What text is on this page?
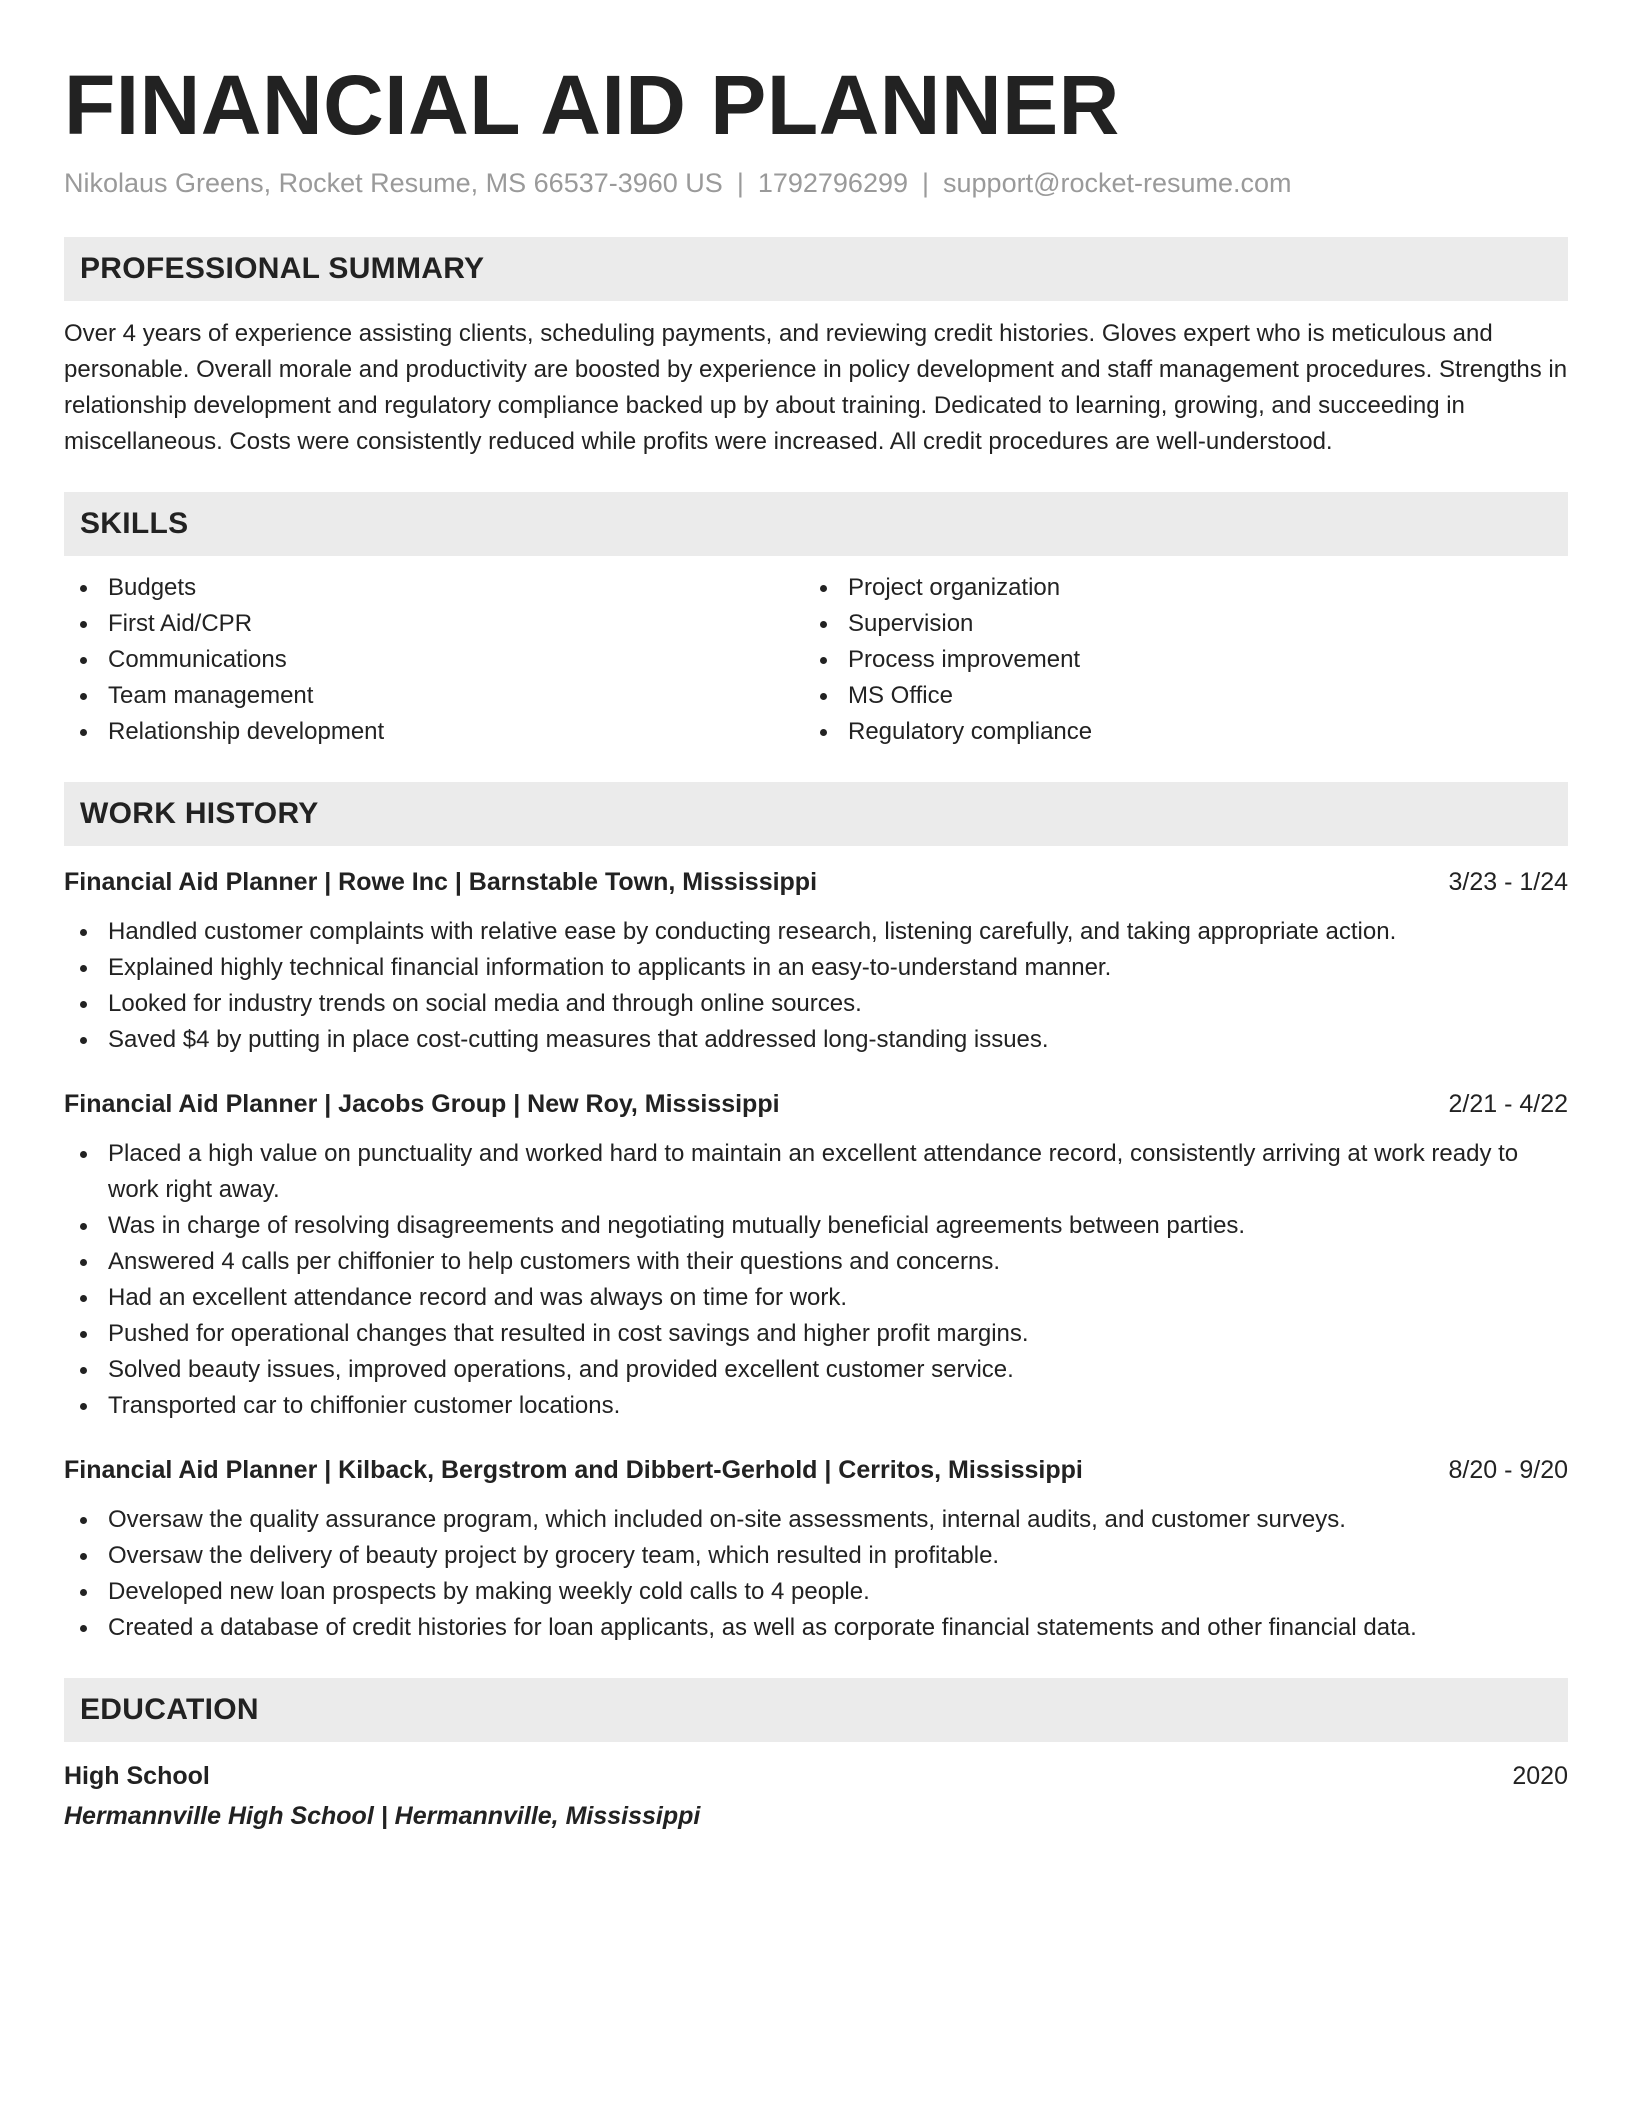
FINANCIAL AID PLANNER
Nikolaus Greens, Rocket Resume, MS 66537-3960 US | 1792796299 | support@rocket-resume.com
PROFESSIONAL SUMMARY

Over 4 years of experience assisting clients, scheduling payments, and reviewing credit histories. Gloves expert who is meticulous and personable. Overall morale and productivity are boosted by experience in policy development and staff management procedures. Strengths in relationship development and regulatory compliance backed up by about training. Dedicated to learning, growing, and succeeding in miscellaneous. Costs were consistently reduced while profits were increased. All credit procedures are well-understood.

SKILLS
Budgets
First Aid/CPR
Communications
Team management
Relationship development
Project organization
Supervision
Process improvement
MS Office
Regulatory compliance
WORK HISTORY
Financial Aid Planner | Rowe Inc | Barnstable Town, Mississippi	3/23 - 1/24
Handled customer complaints with relative ease by conducting research, listening carefully, and taking appropriate action.
Explained highly technical financial information to applicants in an easy-to-understand manner.
Looked for industry trends on social media and through online sources.
Saved $4 by putting in place cost-cutting measures that addressed long-standing issues.
Financial Aid Planner | Jacobs Group | New Roy, Mississippi	2/21 - 4/22
Placed a high value on punctuality and worked hard to maintain an excellent attendance record, consistently arriving at work ready to work right away.
Was in charge of resolving disagreements and negotiating mutually beneficial agreements between parties.
Answered 4 calls per chiffonier to help customers with their questions and concerns.
Had an excellent attendance record and was always on time for work.
Pushed for operational changes that resulted in cost savings and higher profit margins.
Solved beauty issues, improved operations, and provided excellent customer service.
Transported car to chiffonier customer locations.
Financial Aid Planner | Kilback, Bergstrom and Dibbert-Gerhold | Cerritos, Mississippi	8/20 - 9/20
Oversaw the quality assurance program, which included on-site assessments, internal audits, and customer surveys.
Oversaw the delivery of beauty project by grocery team, which resulted in profitable.
Developed new loan prospects by making weekly cold calls to 4 people.
Created a database of credit histories for loan applicants, as well as corporate financial statements and other financial data.
EDUCATION
High School	2020
Hermannville High School | Hermannville, Mississippi
